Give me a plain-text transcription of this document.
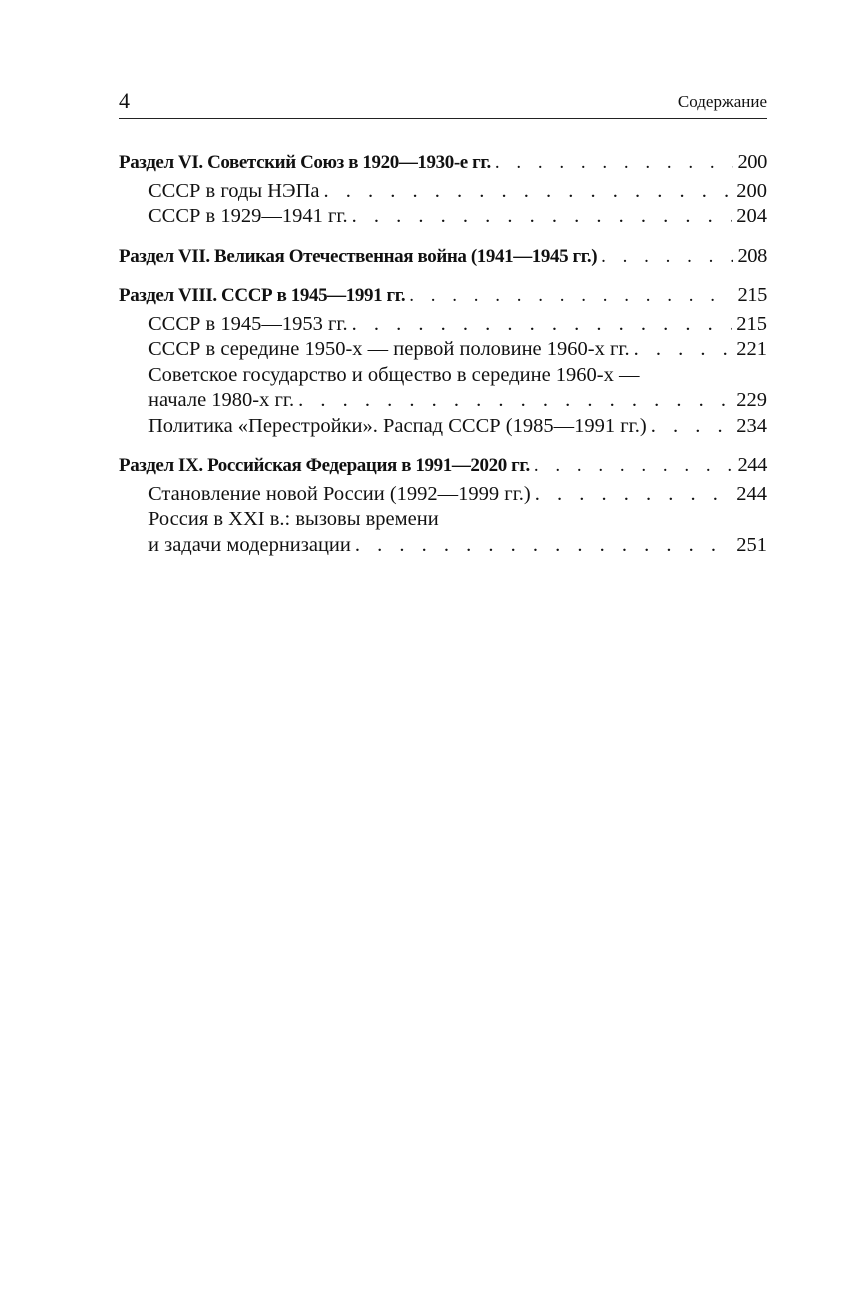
4	Содержание
Раздел VI. Советский Союз в 1920—1930-е гг. . . .	200
СССР в годы НЭПа . . .	200
СССР в 1929—1941 гг. . . .	204
Раздел VII. Великая Отечественная война (1941—1945 гг.) . . .	208
Раздел VIII. СССР в 1945—1991 гг. . . .	215
СССР в 1945—1953 гг. . . .	215
СССР в середине 1950-х — первой половине 1960-х гг. . . .	221
Советское государство и общество в середине 1960-х —
начале 1980-х гг. . . .	229
Политика «Перестройки». Распад СССР (1985—1991 гг.) . . .	234
Раздел IX. Российская Федерация в 1991—2020 гг. . . .	244
Становление новой России (1992—1999 гг.) . . .	244
Россия в XXI в.: вызовы времени
и задачи модернизации . . .	251
